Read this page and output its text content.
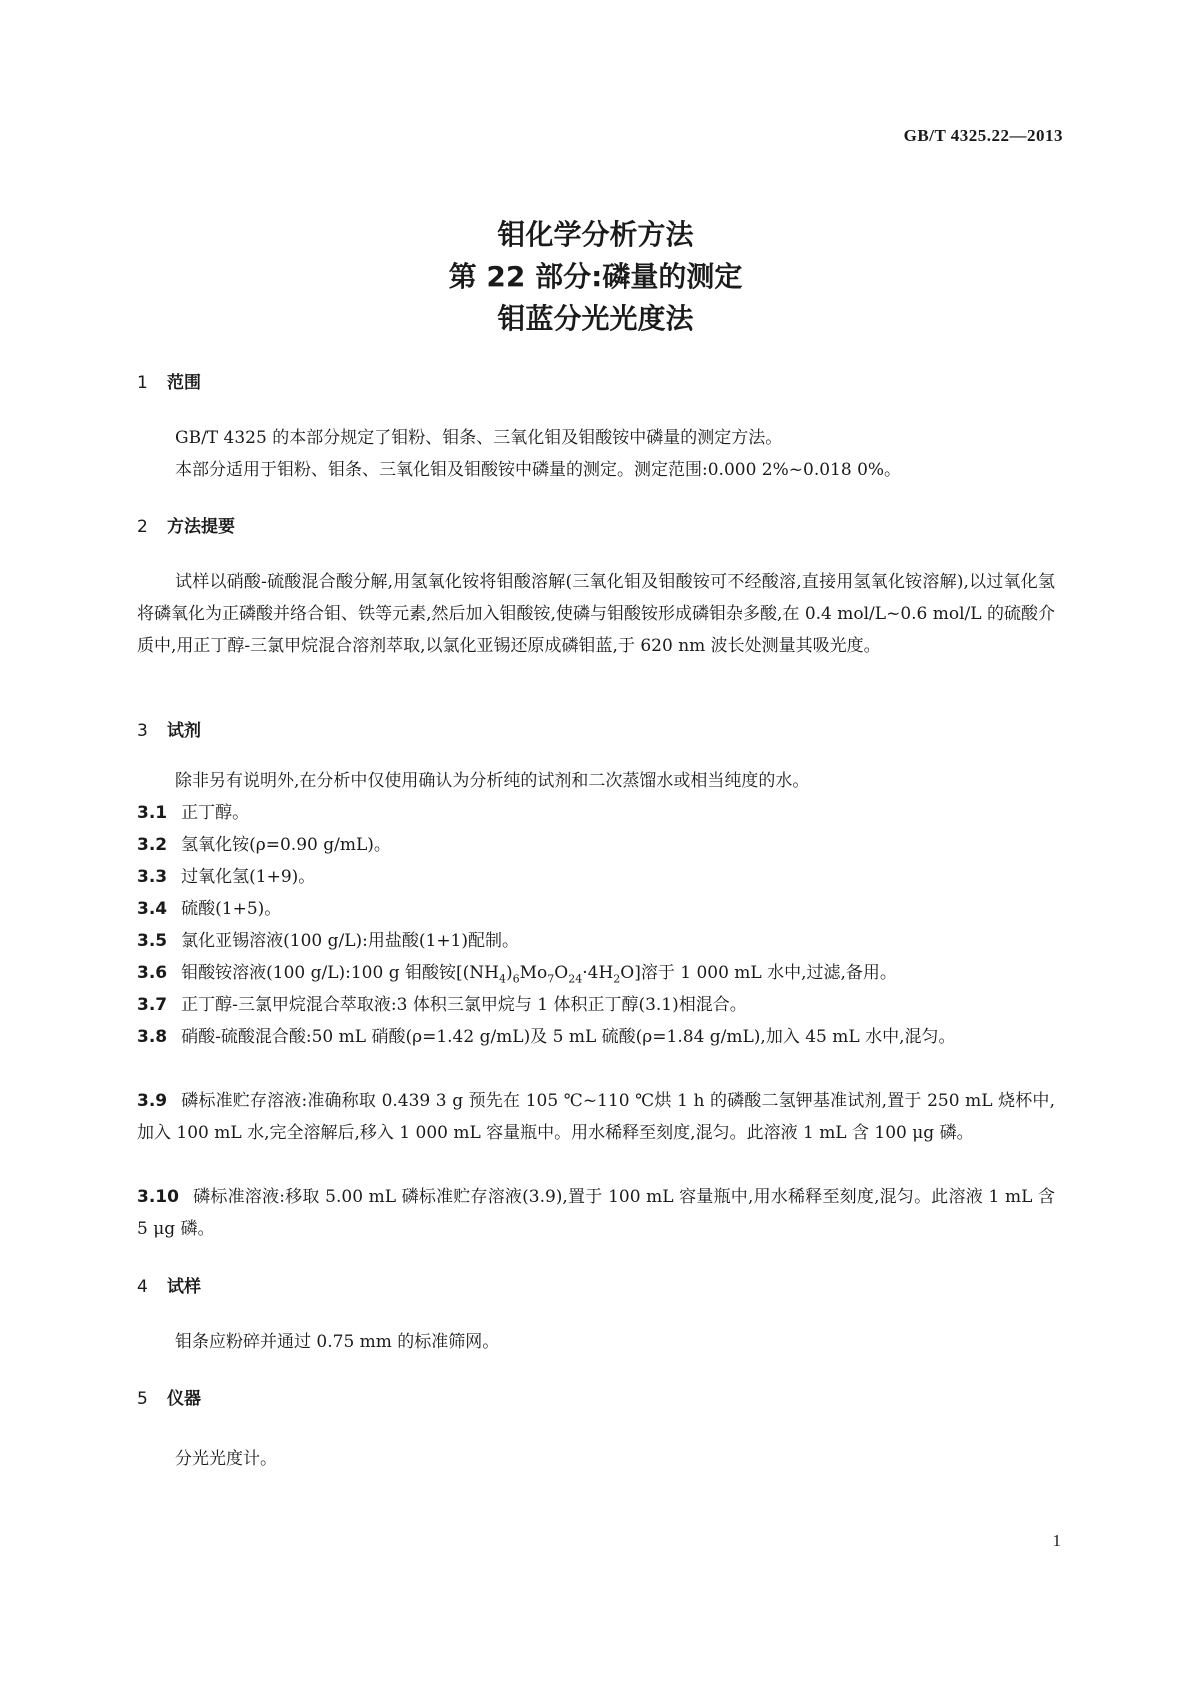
GB/T 4325.22—2013
钼化学分析方法
第 22 部分:磷量的测定
钼蓝分光光度法
1 范围
GB/T 4325 的本部分规定了钼粉、钼条、三氧化钼及钼酸铵中磷量的测定方法。
本部分适用于钼粉、钼条、三氧化钼及钼酸铵中磷量的测定。测定范围:0.000 2%~0.018 0%。
2 方法提要
试样以硝酸-硫酸混合酸分解,用氢氧化铵将钼酸溶解(三氧化钼及钼酸铵可不经酸溶,直接用氢氧化铵溶解),以过氧化氢将磷氧化为正磷酸并络合钼、铁等元素,然后加入钼酸铵,使磷与钼酸铵形成磷钼杂多酸,在 0.4 mol/L~0.6 mol/L 的硫酸介质中,用正丁醇-三氯甲烷混合溶剂萃取,以氯化亚锡还原成磷钼蓝,于 620 nm 波长处测量其吸光度。
3 试剂
除非另有说明外,在分析中仅使用确认为分析纯的试剂和二次蒸馏水或相当纯度的水。
3.1 正丁醇。
3.2 氢氧化铵(ρ=0.90 g/mL)。
3.3 过氧化氢(1+9)。
3.4 硫酸(1+5)。
3.5 氯化亚锡溶液(100 g/L):用盐酸(1+1)配制。
3.6 钼酸铵溶液(100 g/L):100 g 钼酸铵$[(NH_4)_6Mo_7O_{24}\cdot 4H_2O]$溶于 1 000 mL 水中,过滤,备用。
3.7 正丁醇-三氯甲烷混合萃取液:3 体积三氯甲烷与 1 体积正丁醇(3.1)相混合。
3.8 硝酸-硫酸混合酸:50 mL 硝酸(ρ=1.42 g/mL)及 5 mL 硫酸(ρ=1.84 g/mL),加入 45 mL 水中,混匀。
3.9 磷标准贮存溶液:准确称取 0.439 3 g 预先在 105 ℃~110 ℃烘 1 h 的磷酸二氢钾基准试剂,置于 250 mL 烧杯中,加入 100 mL 水,完全溶解后,移入 1 000 mL 容量瓶中。用水稀释至刻度,混匀。此溶液 1 mL 含 100 μg 磷。
3.10 磷标准溶液:移取 5.00 mL 磷标准贮存溶液(3.9),置于 100 mL 容量瓶中,用水稀释至刻度,混匀。此溶液 1 mL 含 5 μg 磷。
4 试样
钼条应粉碎并通过 0.75 mm 的标准筛网。
5 仪器
分光光度计。
1
